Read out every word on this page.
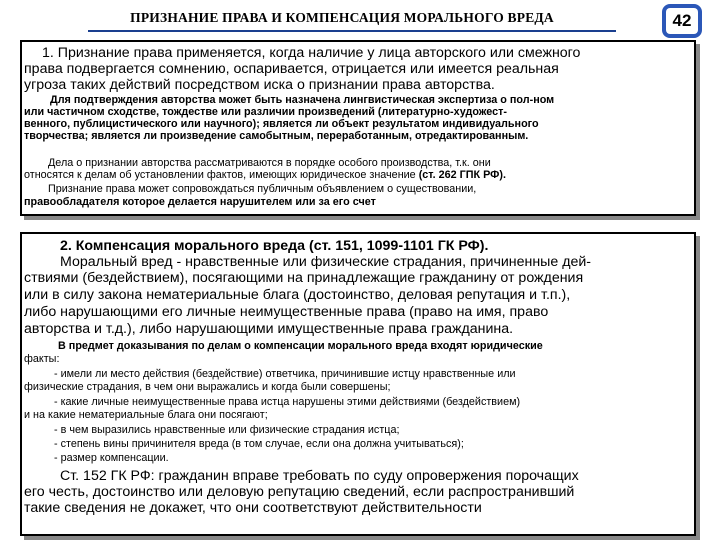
ПРИЗНАНИЕ ПРАВА И КОМПЕНСАЦИЯ МОРАЛЬНОГО ВРЕДА	42

1. Признание права применяется, когда наличие у лица авторского или смежного

права подвергается сомнению, оспаривается, отрицается или имеется реальная

угроза таких действий посредством иска о признании права авторства.

Для подтверждения авторства может быть назначена лингвистическая экспертиза о пол-ном

или частичном сходстве, тождестве или различии произведений (литературно-художест-

венного, публицистического или научного); является ли объект результатом индивидуального

творчества; является ли произведение самобытным, переработанным, отредактированным.

Дела о признании авторства рассматриваются в порядке особого производства, т.к. они

относятся к делам об установлении фактов, имеющих юридическое значение (ст. 262 ГПК РФ).

Признание права может сопровождаться публичным объявлением о существовании,

правообладателя которое делается нарушителем или за его счет

2. Компенсация морального вреда (ст. 151, 1099-1101 ГК РФ).

Моральный вред - нравственные или физические страдания, причиненные дей-

ствиями (бездействием), посягающими на принадлежащие гражданину от рождения

или в силу закона нематериальные блага (достоинство, деловая репутация и т.п.),

либо нарушающими его личные неимущественные права (право на имя, право

авторства и т.д.), либо нарушающими имущественные права гражданина.

В предмет доказывания по делам о компенсации морального вреда входят юридические

факты:

- имели ли место действия (бездействие) ответчика, причинившие истцу нравственные или

физические страдания, в чем они выражались и когда были совершены;

- какие личные неимущественные права истца нарушены этими действиями (бездействием)

и на какие нематериальные блага они посягают;

- в чем выразились нравственные или физические страдания истца;

- степень вины причинителя вреда (в том случае, если она должна учитываться);

- размер компенсации.

Ст. 152 ГК РФ: гражданин вправе требовать по суду опровержения порочащих

его честь, достоинство или деловую репутацию сведений, если распространивший

такие сведения не докажет, что они соответствуют действительности
